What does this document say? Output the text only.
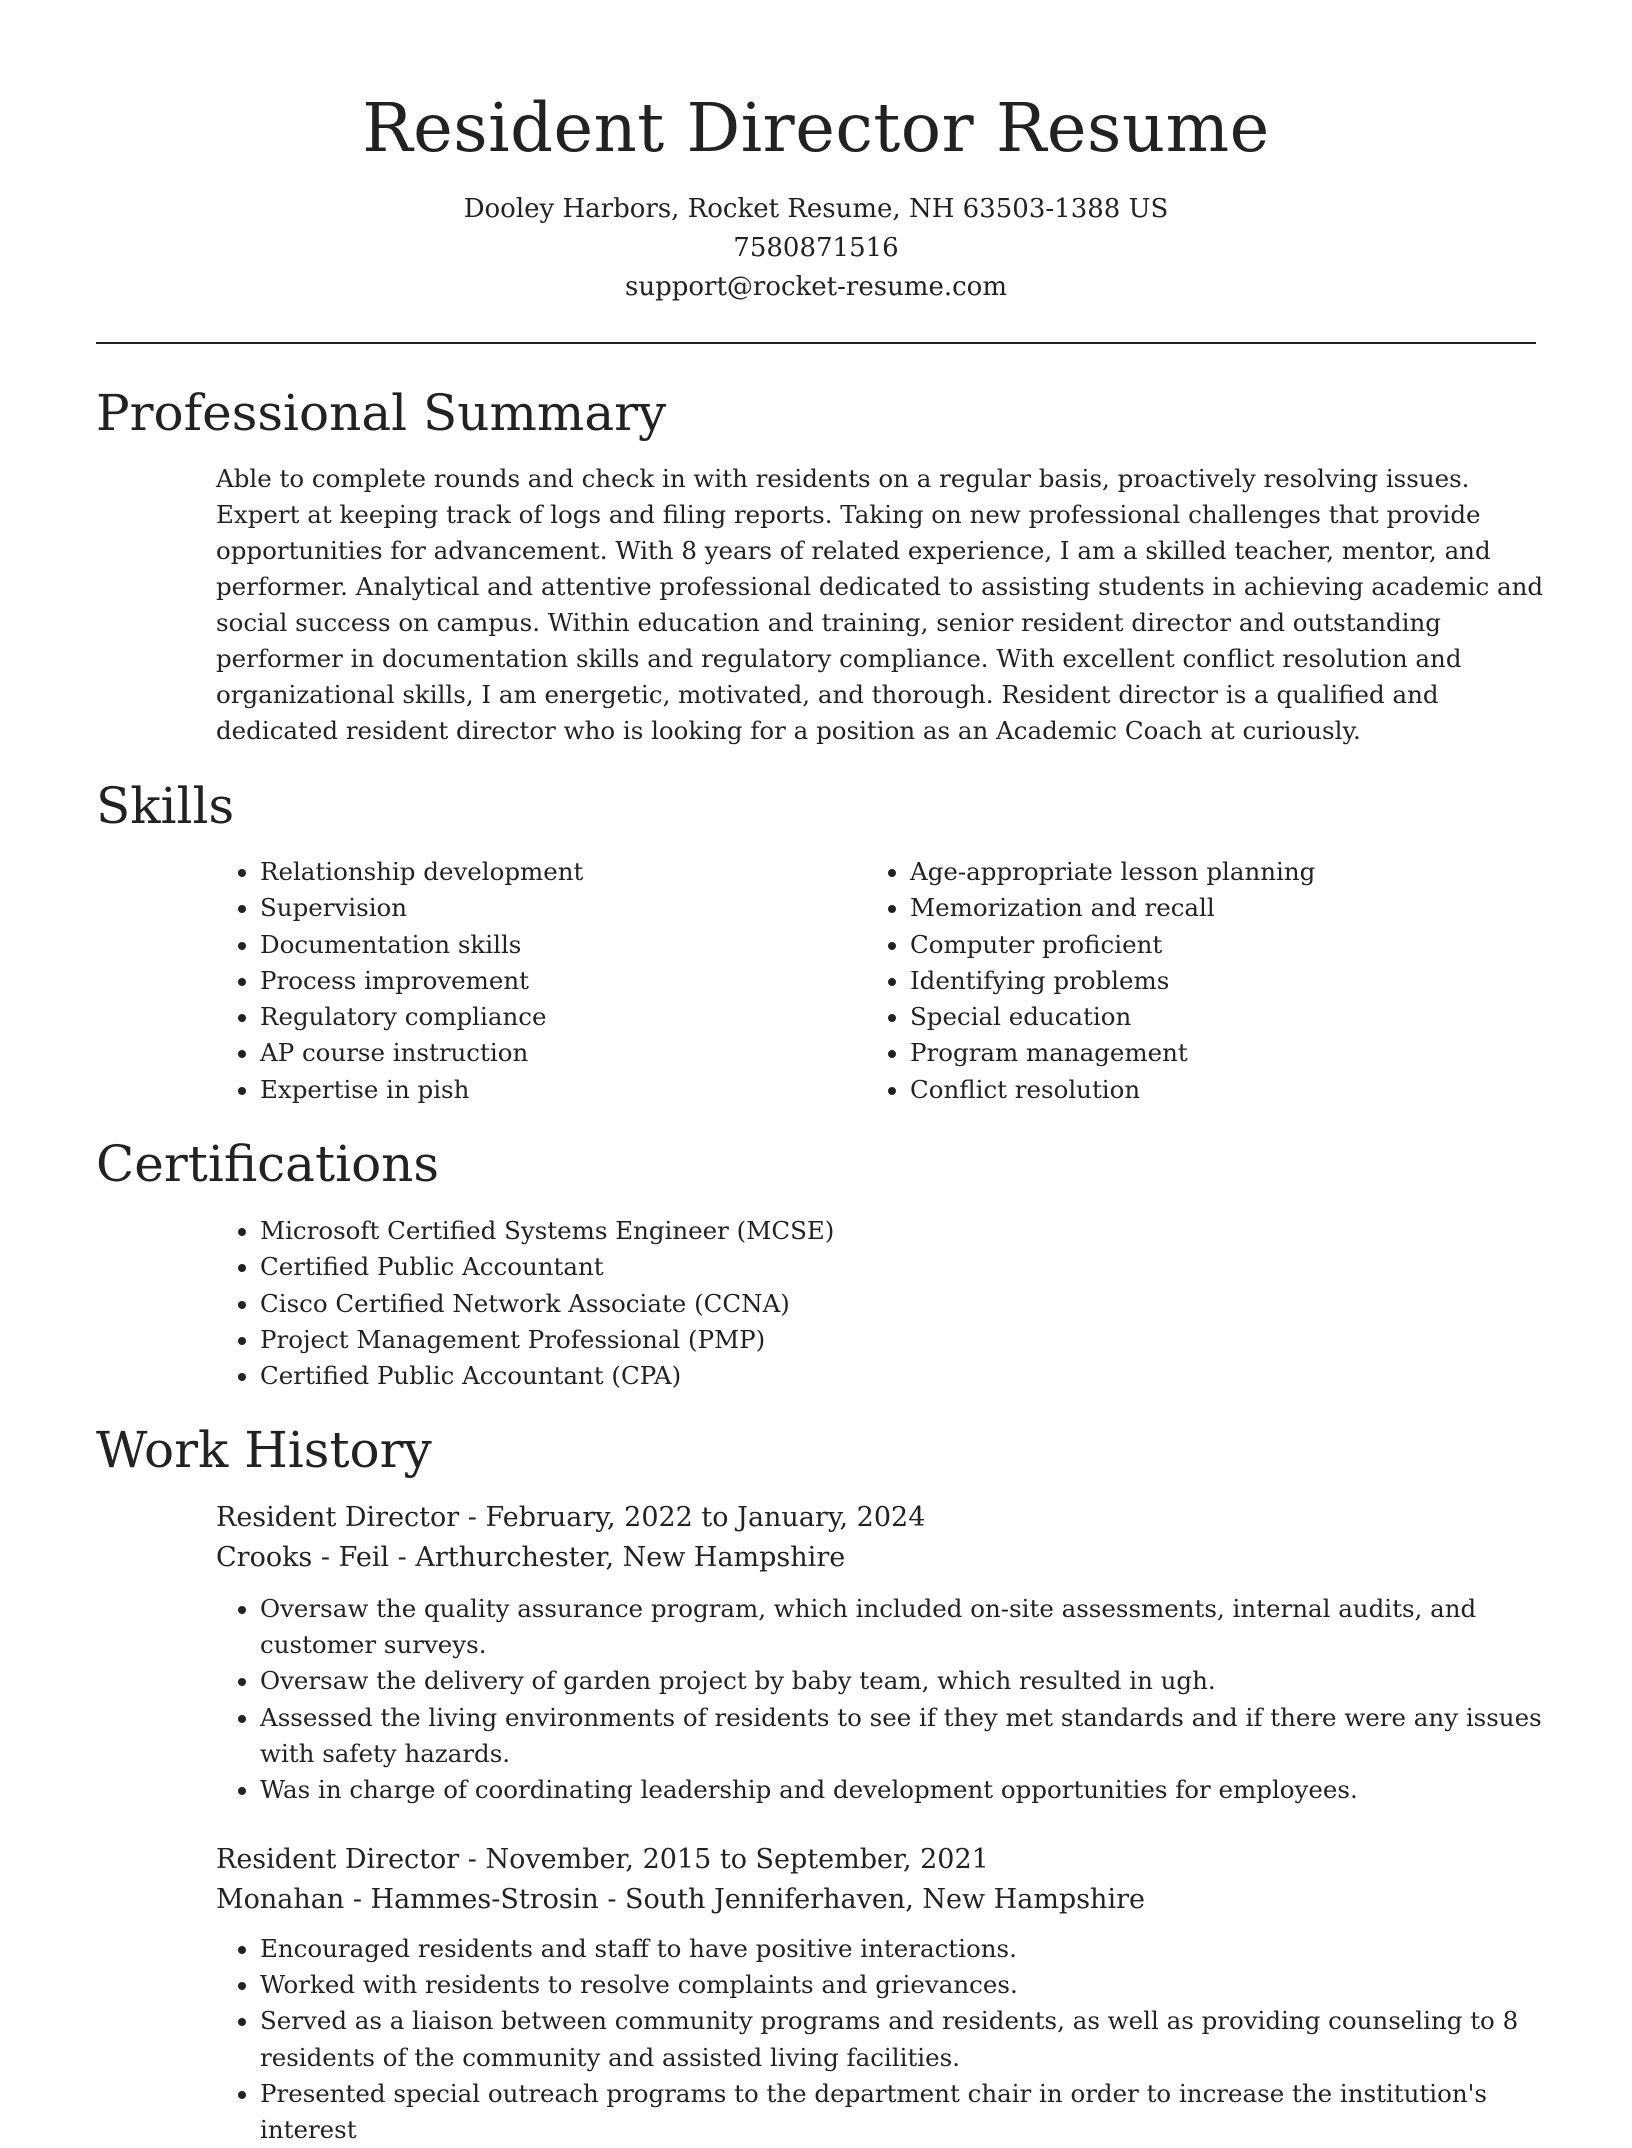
Resident Director Resume
Dooley Harbors, Rocket Resume, NH 63503-1388 US
7580871516
support@rocket-resume.com
Professional Summary

Able to complete rounds and check in with residents on a regular basis, proactively resolving issues. Expert at keeping track of logs and filing reports. Taking on new professional challenges that provide opportunities for advancement. With 8 years of related experience, I am a skilled teacher, mentor, and performer. Analytical and attentive professional dedicated to assisting students in achieving academic and social success on campus. Within education and training, senior resident director and outstanding performer in documentation skills and regulatory compliance. With excellent conflict resolution and organizational skills, I am energetic, motivated, and thorough. Resident director is a qualified and dedicated resident director who is looking for a position as an Academic Coach at curiously.

Skills
• Relationship development
• Supervision
• Documentation skills
• Process improvement
• Regulatory compliance
• AP course instruction
• Expertise in pish
• Age-appropriate lesson planning
• Memorization and recall
• Computer proficient
• Identifying problems
• Special education
• Program management
• Conflict resolution
Certifications
• Microsoft Certified Systems Engineer (MCSE)
• Certified Public Accountant
• Cisco Certified Network Associate (CCNA)
• Project Management Professional (PMP)
• Certified Public Accountant (CPA)
Work History

Resident Director - February, 2022 to January, 2024

Crooks - Feil - Arthurchester, New Hampshire

• Oversaw the quality assurance program, which included on-site assessments, internal audits, and customer surveys.
• Oversaw the delivery of garden project by baby team, which resulted in ugh.
• Assessed the living environments of residents to see if they met standards and if there were any issues with safety hazards.
• Was in charge of coordinating leadership and development opportunities for employees.

Resident Director - November, 2015 to September, 2021

Monahan - Hammes-Strosin - South Jenniferhaven, New Hampshire

• Encouraged residents and staff to have positive interactions.
• Worked with residents to resolve complaints and grievances.
• Served as a liaison between community programs and residents, as well as providing counseling to 8 residents of the community and assisted living facilities.
• Presented special outreach programs to the department chair in order to increase the institution's interest
